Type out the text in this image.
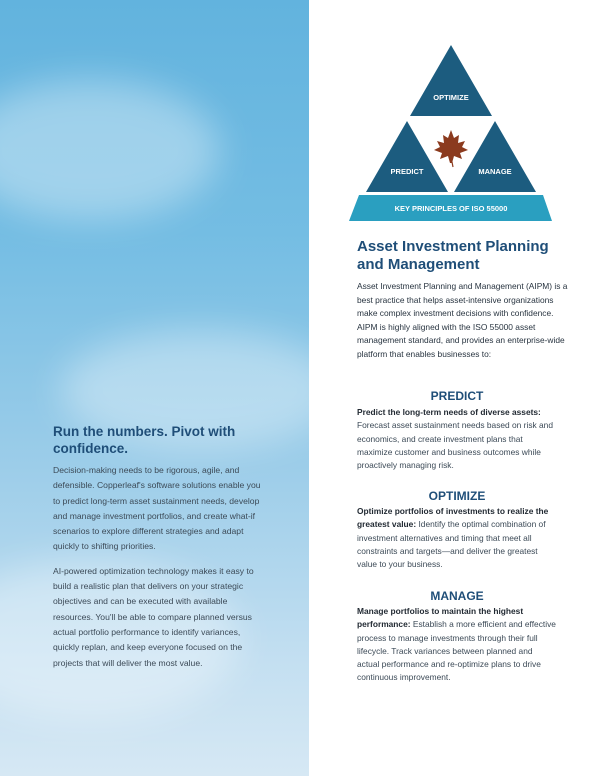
Run the numbers. Pivot with confidence.

Decision-making needs to be rigorous, agile, and defensible. Copperleaf's software solutions enable you to predict long-term asset sustainment needs, develop and manage investment portfolios, and create what-if scenarios to explore different strategies and adapt quickly to shifting priorities.

AI-powered optimization technology makes it easy to build a realistic plan that delivers on your strategic objectives and can be executed with available resources. You'll be able to compare planned versus actual portfolio performance to identify variances, quickly replan, and keep everyone focused on the projects that will deliver the most value.

OPTIMIZE
PREDICT	MANAGE
KEY PRINCIPLES OF ISO 55000
Asset Investment Planning and Management

Asset Investment Planning and Management (AIPM) is a best practice that helps asset-intensive organizations make complex investment decisions with confidence. AIPM is highly aligned with the ISO 55000 asset management standard, and provides an enterprise-wide platform that enables businesses to:

PREDICT

Predict the long-term needs of diverse assets: Forecast asset sustainment needs based on risk and economics, and create investment plans that maximize customer and business outcomes while proactively managing risk.

OPTIMIZE

Optimize portfolios of investments to realize the greatest value: Identify the optimal combination of investment alternatives and timing that meet all constraints and targets—and deliver the greatest value to your business.

MANAGE

Manage portfolios to maintain the highest performance: Establish a more efficient and effective process to manage investments through their full lifecycle. Track variances between planned and actual performance and re-optimize plans to drive continuous improvement.
